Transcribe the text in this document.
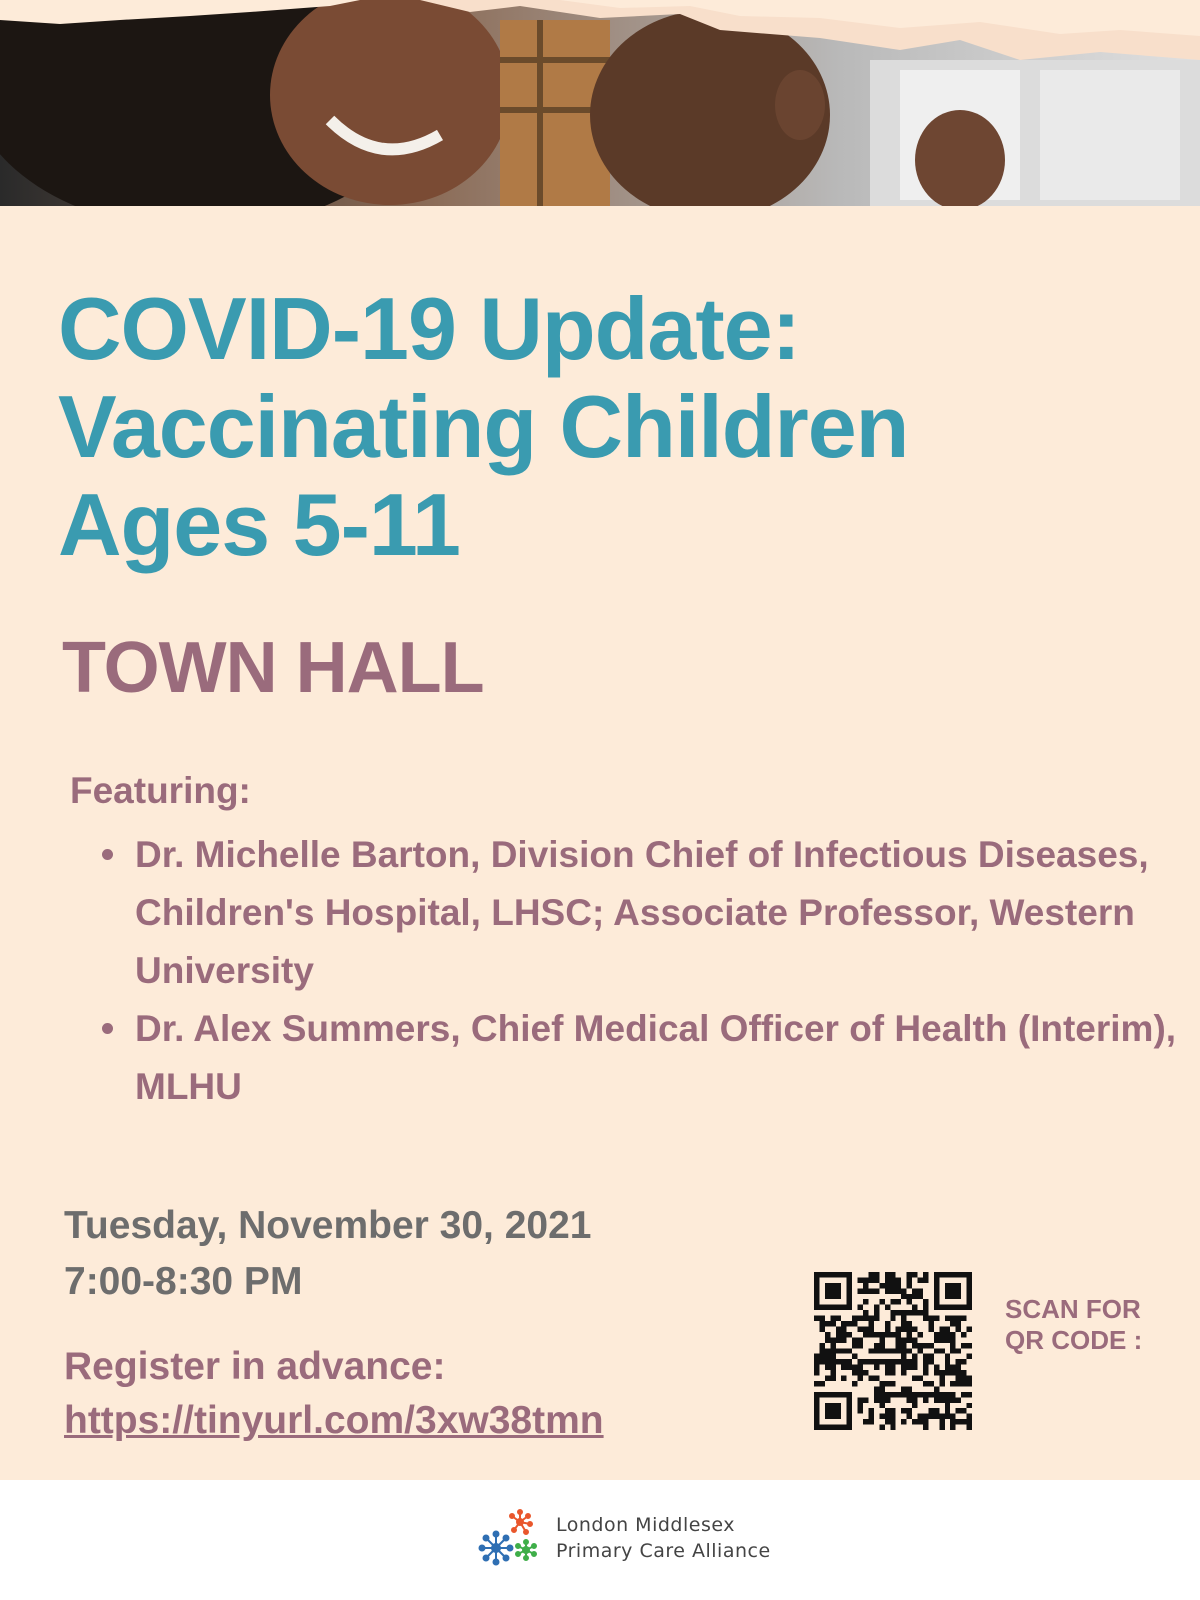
COVID-19 Update:
Vaccinating Children
Ages 5-11
TOWN HALL
Featuring:
Dr. Michelle Barton, Division Chief of Infectious Diseases, Children's Hospital, LHSC; Associate Professor, Western University
Dr. Alex Summers, Chief Medical Officer of Health (Interim), MLHU
Tuesday, November 30, 2021
7:00-8:30 PM
Register in advance:
https://tinyurl.com/3xw38tmn
SCAN FOR QR CODE :
London Middlesex
Primary Care Alliance
